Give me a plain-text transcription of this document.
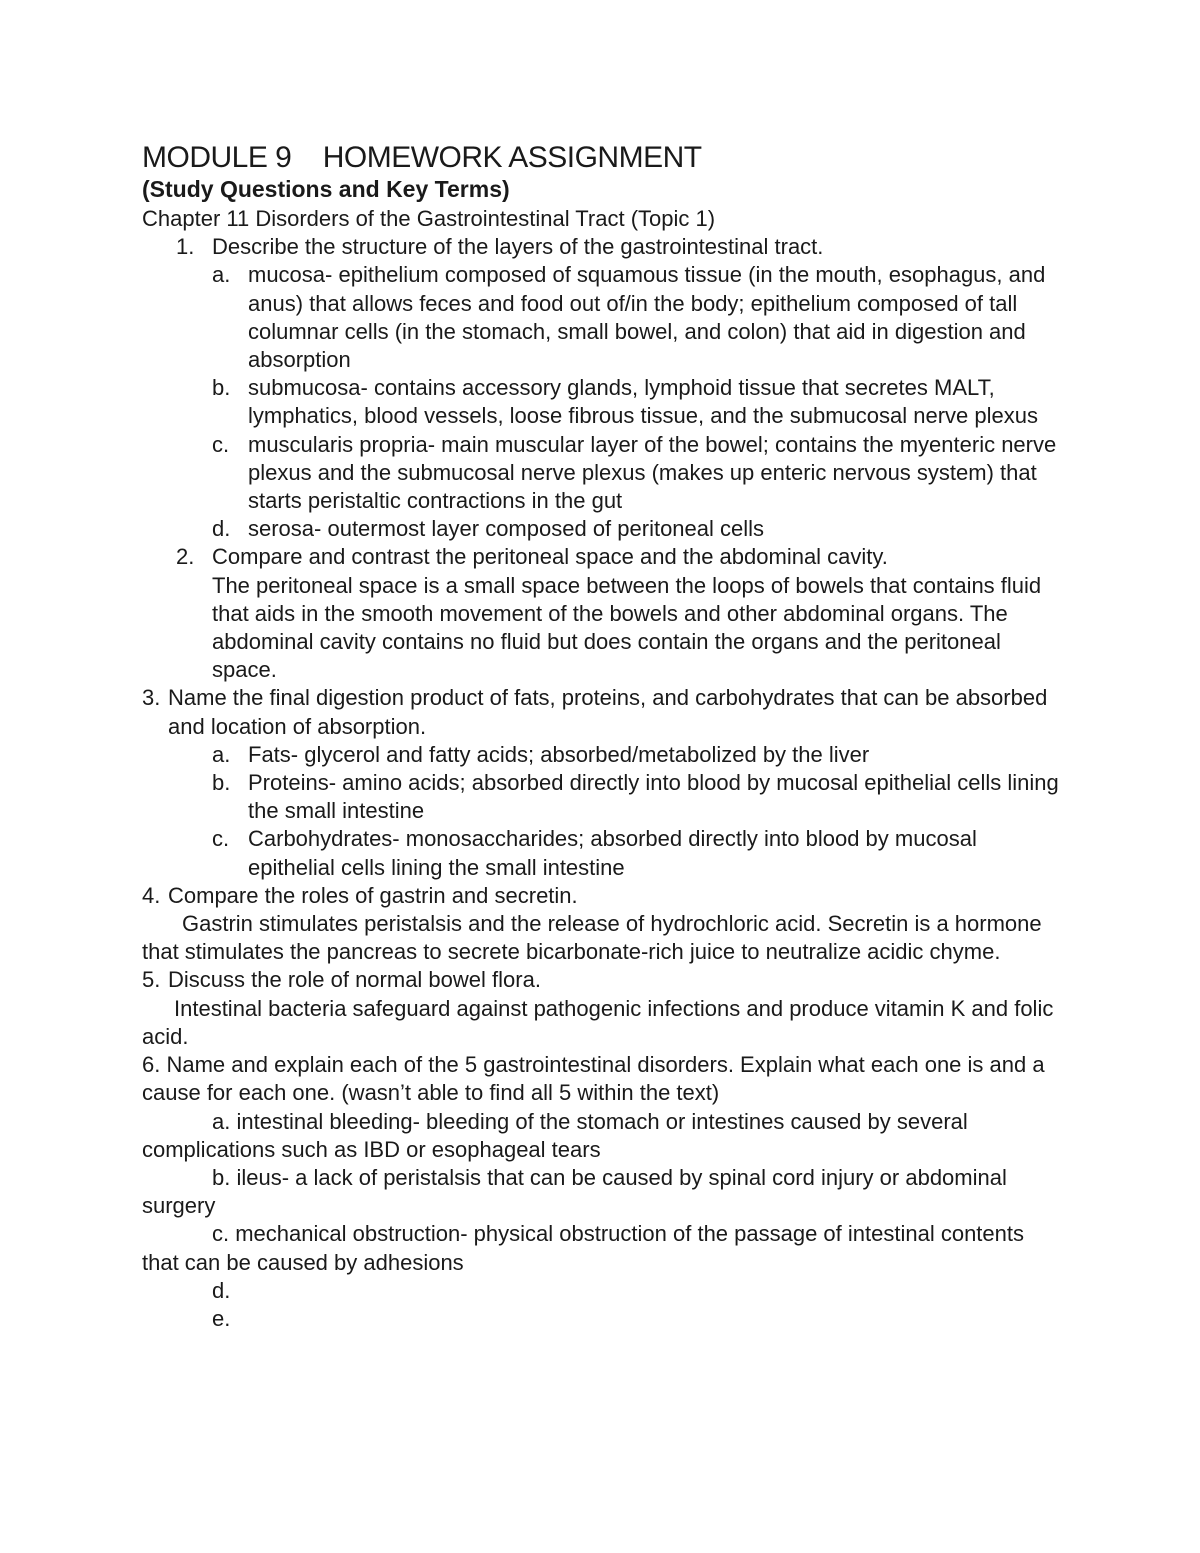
MODULE 9    HOMEWORK ASSIGNMENT
(Study Questions and Key Terms)
Chapter 11 Disorders of the Gastrointestinal Tract (Topic 1)
1. Describe the structure of the layers of the gastrointestinal tract.
a. mucosa- epithelium composed of squamous tissue (in the mouth, esophagus, and anus) that allows feces and food out of/in the body; epithelium composed of tall columnar cells (in the stomach, small bowel, and colon) that aid in digestion and absorption
b. submucosa- contains accessory glands, lymphoid tissue that secretes MALT, lymphatics, blood vessels, loose fibrous tissue, and the submucosal nerve plexus
c. muscularis propria- main muscular layer of the bowel; contains the myenteric nerve plexus and the submucosal nerve plexus (makes up enteric nervous system) that starts peristaltic contractions in the gut
d. serosa- outermost layer composed of peritoneal cells
2. Compare and contrast the peritoneal space and the abdominal cavity.
The peritoneal space is a small space between the loops of bowels that contains fluid that aids in the smooth movement of the bowels and other abdominal organs. The abdominal cavity contains no fluid but does contain the organs and the peritoneal space.
3. Name the final digestion product of fats, proteins, and carbohydrates that can be absorbed and location of absorption.
a. Fats- glycerol and fatty acids; absorbed/metabolized by the liver
b. Proteins- amino acids; absorbed directly into blood by mucosal epithelial cells lining the small intestine
c. Carbohydrates- monosaccharides; absorbed directly into blood by mucosal epithelial cells lining the small intestine
4. Compare the roles of gastrin and secretin.
Gastrin stimulates peristalsis and the release of hydrochloric acid. Secretin is a hormone that stimulates the pancreas to secrete bicarbonate-rich juice to neutralize acidic chyme.
5. Discuss the role of normal bowel flora.
Intestinal bacteria safeguard against pathogenic infections and produce vitamin K and folic acid.
6. Name and explain each of the 5 gastrointestinal disorders. Explain what each one is and a cause for each one. (wasn’t able to find all 5 within the text)
a. intestinal bleeding- bleeding of the stomach or intestines caused by several complications such as IBD or esophageal tears
b. ileus- a lack of peristalsis that can be caused by spinal cord injury or abdominal surgery
c. mechanical obstruction- physical obstruction of the passage of intestinal contents that can be caused by adhesions
d.
e.
